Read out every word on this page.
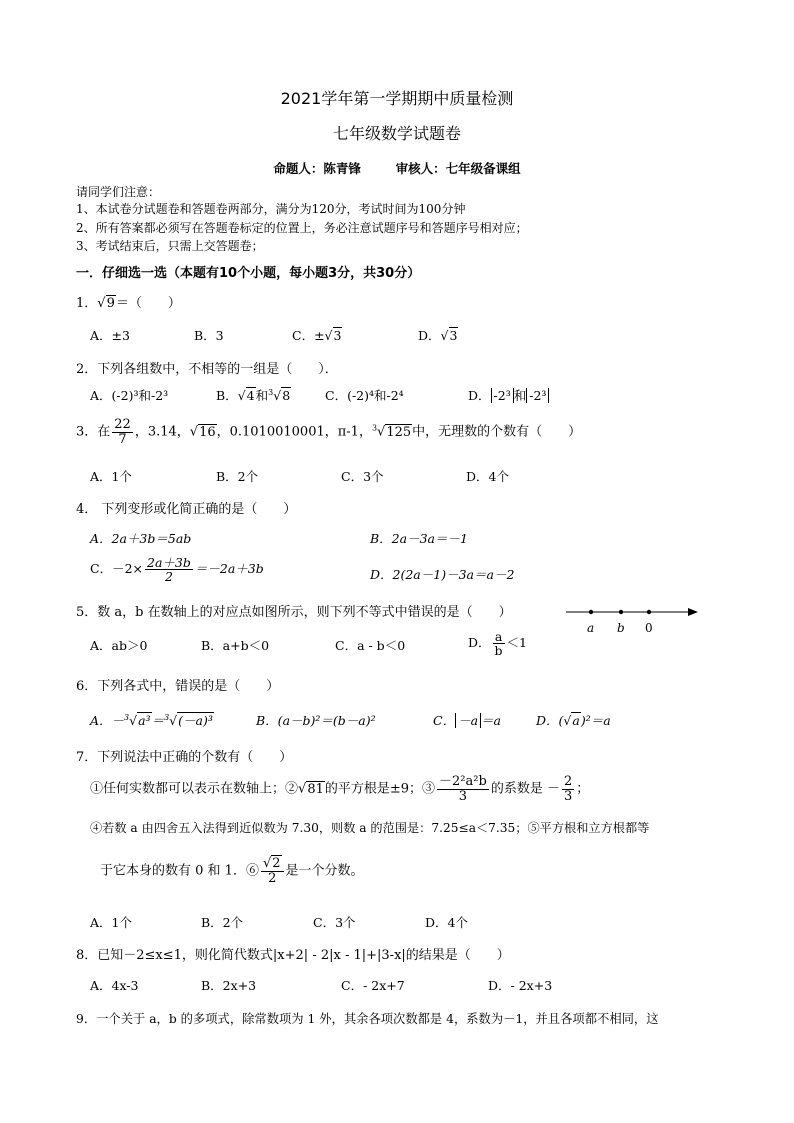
2021学年第一学期期中质量检测
七年级数学试题卷
命题人：陈青锋        审核人：七年级备课组
请同学们注意：
1、本试卷分试题卷和答题卷两部分，满分为120分，考试时间为100分钟
2、所有答案都必须写在答题卷标定的位置上，务必注意试题序号和答题序号相对应；
3、考试结束后，只需上交答题卷；
一．仔细选一选（本题有10个小题，每小题3分，共30分）
1．√9＝（　　）
A．±3	B．3	C．±√3	D．√3
2．下列各组数中，不相等的一组是（　　）．
A．(-2)³和-2³	B．√4和$^3$√8	C．(-2)⁴和-2⁴	D． -2³ 和 -2³
3．在 $\frac{22}{7}$ ，3.14，√16，0.1010010001，π-1，$^3$√125中，无理数的个数有（　　）
A．1个	B．2个	C．3个	D．4个
4． 下列变形或化简正确的是（　　）
A．2a＋3b＝5ab	B．2a－3a＝－1
C．$-2\times \frac{2a+3b}{2} =-2a+3b$	D．2(2a－1)－3a＝a－2
5．数 a，b 在数轴上的对应点如图所示，则下列不等式中错误的是（　　）
a b 0
A．ab＞0	B．a+b＜0	C．a - b＜0	D． $\frac{a}{b} <1$
6．下列各式中，错误的是（　　）
A．－$^3$√a³＝$^3$√(－a)³	B．(a－b)²＝(b－a)²	C． －a ＝a	D．(√a)²＝a
7．下列说法中正确的个数有（　　）
①任何实数都可以表示在数轴上；②√81的平方根是±9；③ $\frac{\text{－2²a²b}}{3}$ 的系数是 － $\frac{2}{3}$ ；
④若数 a 由四舍五入法得到近似数为 7.30，则数 a 的范围是：7.25≤a＜7.35；⑤平方根和立方根都等
于它本身的数有 0 和 1．⑥ $\frac{√2}{2}$ 是一个分数。
A．1个	B．2个	C．3个	D．4个
8．已知－2≤x≤1，则化简代数式|x+2| - 2|x - 1|+|3-x|的结果是（　　）
A．4x-3	B．2x+3	C．- 2x+7	D．- 2x+3
9．一个关于 a，b 的多项式，除常数项为 1 外，其余各项次数都是 4，系数为－1，并且各项都不相同，这
